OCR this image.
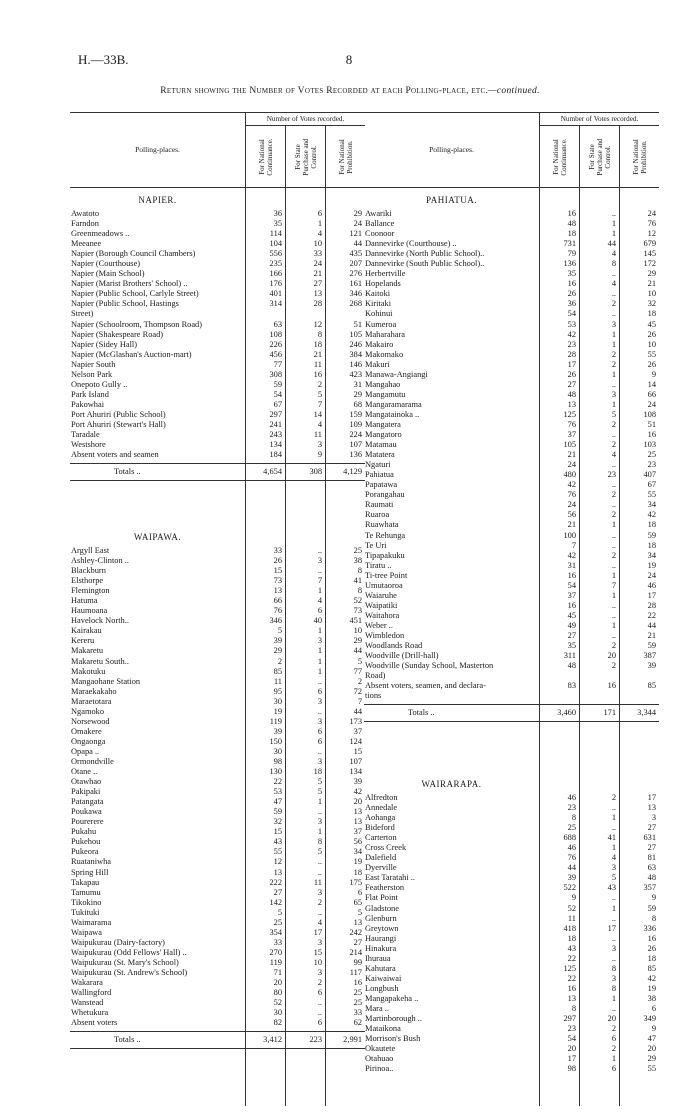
H.—33B.	8
Return showing the Number of Votes Recorded at each Polling-place, etc.—continued.
Polling-places.
Number of Votes recorded.
For National Continuance.	For State Purchase and Control.	For National Prohibition.
NAPIER.
Awatoto	36	6	29
Farndon	35	1	24
Greenmeadows ..	114	4	121
Meeanee	104	10	44
Napier (Borough Council Chambers)	556	33	435
Napier (Courthouse)	235	24	207
Napier (Main School)	166	21	276
Napier (Marist Brothers' School) ..	176	27	161
Napier (Public School, Carlyle Street)	401	13	346
Napier (Public School, Hastings	314	28	268
Street)
Napier (Schoolroom, Thompson Road)	63	12	51
Napier (Shakespeare Road)	108	8	105
Napier (Sidey Hall)	226	18	246
Napier (McGlashan's Auction-mart)	456	21	384
Napier South	77	11	146
Nelson Park	308	16	423
Onepoto Gully ..	59	2	31
Park Island	54	5	29
Pakowhai	67	7	68
Port Ahuriri (Public School)	297	14	159
Port Ahuriri (Stewart's Hall)	241	4	109
Taradale	243	11	224
Westshore	134	3	107
Absent voters and seamen	184	9	136
Totals ..	4,654	308	4,129
WAIPAWA.
Argyll East	33	..	25
Ashley-Clinton ..	26	3	38
Blackburn	15	..	8
Elsthorpe	73	7	41
Flemington	13	1	8
Hatuma	66	4	52
Haumoana	76	6	73
Havelock North..	346	40	451
Kairakau	5	1	10
Kereru	39	3	29
Makaretu	29	1	44
Makaretu South..	2	1	5
Makotuku	85	1	77
Mangaohane Station	11	..	2
Maraekakaho	95	6	72
Maraetotara	30	3	7
Ngamoko	19	..	44
Norsewood	119	3	173
Omakere	39	6	37
Ongaonga	150	6	124
Opapa ..	30	..	15
Ormondville	98	3	107
Otane ..	130	18	134
Otawhao	22	5	39
Pakipaki	53	5	42
Patangata	47	1	20
Poukawa	59	..	13
Pourerere	32	3	13
Pukahu	15	1	37
Pukehou	43	8	56
Pukeora	55	5	34
Ruataniwha	12	..	19
Spring Hill	13	..	18
Takapau	222	11	175
Tamumu	27	3	6
Tikokino	142	2	65
Tukituki	5	..	5
Waimarama	25	4	13
Waipawa	354	17	242
Waipukurau (Dairy-factory)	33	3	27
Waipukurau (Odd Fellows' Hall) ..	270	15	214
Waipukurau (St. Mary's School)	119	10	99
Waipukurau (St. Andrew's School)	71	3	117
Wakarara	20	2	16
Wallingford	80	6	25
Wanstead	52	..	25
Whetukura	30	..	33
Absent voters	82	6	62
Totals ..	3,412	223	2,991
Polling-places.
Number of Votes recorded.
For National Continuance.	For State Purchase and Control.	For National Prohibition.
PAHIATUA.
Awariki	16	..	24
Ballance	48	1	76
Coonoor	18	1	12
Dannevirke (Courthouse) ..	731	44	679
Dannevirke (North Public School)..	79	4	145
Dannevirke (South Public School)..	136	8	172
Herbertville	35	..	29
Hopelands	16	4	21
Kaitoki	26	..	10
Kiritaki	36	2	32
Kohinui	54	..	18
Kumeroa	53	3	45
Maharahara	42	1	26
Makairo	23	1	10
Makomako	28	2	55
Makuri	17	2	26
Manawa-Angiangi	26	1	9
Mangahao	27	..	14
Mangamutu	48	3	66
Mangaramarama	13	1	24
Mangatainoka ..	125	5	108
Mangatera	76	2	51
Mangatoro	37	..	16
Matamau	105	2	103
Matatera	21	4	25
Ngaturi	24	..	23
Pahiatua	480	23	407
Papatawa	42	..	67
Porangahau	76	2	55
Raumati	24	..	34
Ruaroa	56	2	42
Ruawhata	21	1	18
Te Rehunga	100	..	59
Te Uri	7	..	18
Tipapakuku	42	2	34
Tiratu ..	31	..	19
Ti-tree Point	16	1	24
Umutaoroa	54	7	46
Waiaruhe	37	1	17
Waipatiki	16	..	28
Waitahora	45	..	22
Weber ..	49	1	44
Wimbledon	27	..	21
Woodlands Road	35	2	59
Woodville (Drill-hall)	311	20	387
Woodville (Sunday School, Masterton	48	2	39
Road)
Absent voters, seamen, and declara-	83	16	85
tions
Totals ..	3,460	171	3,344
WAIRARAPA.
Alfredton	46	2	17
Annedale	23	..	13
Aohanga	8	1	3
Bideford	25	..	27
Carterton	688	41	631
Cross Creek	46	1	27
Dalefield	76	4	81
Dyerville	44	3	63
East Taratahi ..	39	5	48
Featherston	522	43	357
Flat Point	9	..	9
Gladstone	52	1	59
Glenburn	11	..	8
Greytown	418	17	336
Haurangi	18	..	16
Hinakura	43	3	26
Ihuraua	22	..	18
Kahutara	125	8	85
Kaiwaiwai	22	3	42
Longbush	16	8	19
Mangapakeha ..	13	1	38
Mara ..	8	..	6
Martinborough ..	297	20	349
Mataikona	23	2	9
Morrison's Bush	54	6	47
Okautete	20	2	20
Otahuao	17	1	29
Pirinoa..	98	6	55
